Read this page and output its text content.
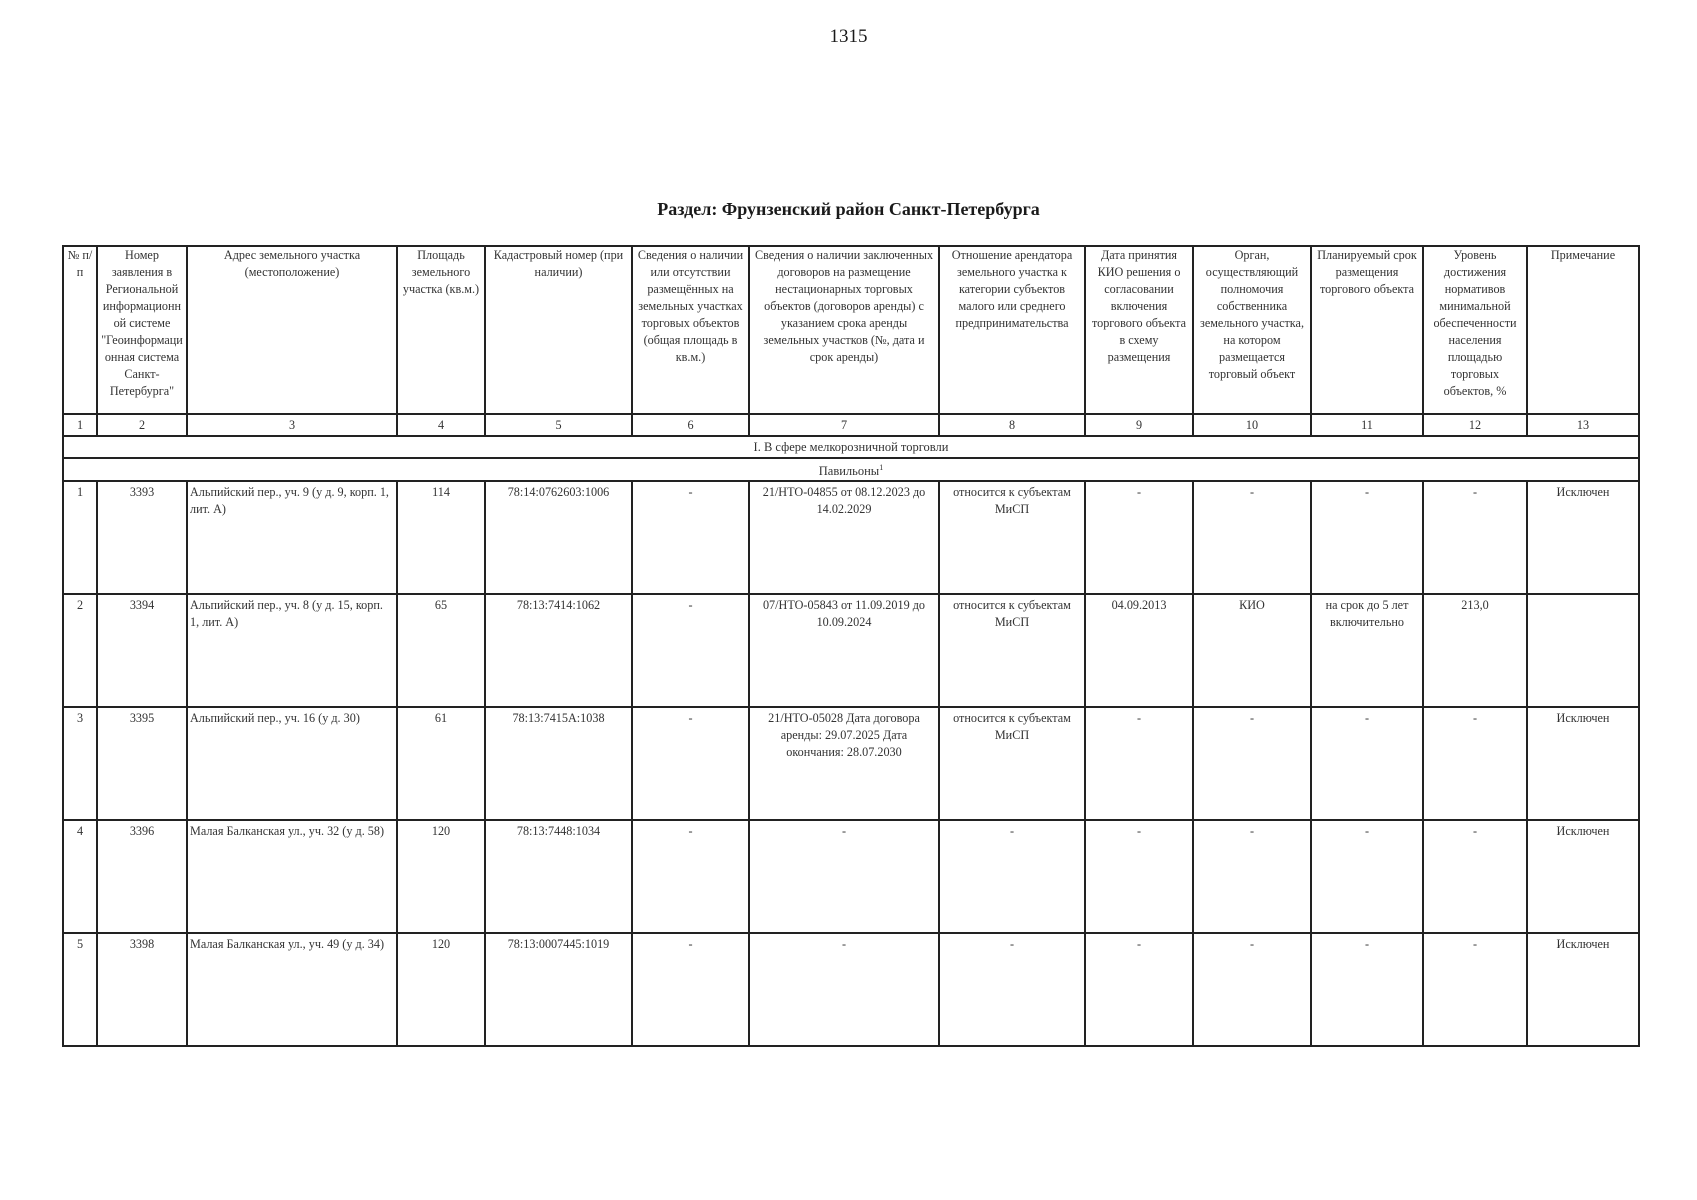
1315
Раздел: Фрунзенский район Санкт-Петербурга
№ п/п	Номер заявления в Региональной информационной системе "Геоинформационная система Санкт-Петербурга"	Адрес земельного участка (местоположение)	Площадь земельного участка (кв.м.)	Кадастровый номер (при наличии)	Сведения о наличии или отсутствии размещённых на земельных участках торговых объектов (общая площадь в кв.м.)	Сведения о наличии заключенных договоров на размещение нестационарных торговых объектов (договоров аренды) с указанием срока аренды земельных участков (№, дата и срок аренды)	Отношение арендатора земельного участка к категории субъектов малого или среднего предпринимательства	Дата принятия КИО решения о согласовании включения торгового объекта в схему размещения	Орган, осуществляющий полномочия собственника земельного участка, на котором размещается торговый объект	Планируемый срок размещения торгового объекта	Уровень достижения нормативов минимальной обеспеченности населения площадью торговых объектов, %	Примечание
1	2	3	4	5	6	7	8	9	10	11	12	13
I. В сфере мелкорозничной торговли												
Павильоны$^1$
1	3393	Альпийский пер., уч. 9 (у д. 9, корп. 1, лит. А)	114	78:14:0762603:1006	-	21/НТО-04855 от 08.12.2023 до 14.02.2029	относится к субъектам МиСП	-	-	-	-	Исключен
2	3394	Альпийский пер., уч. 8 (у д. 15, корп. 1, лит. А)	65	78:13:7414:1062	-	07/НТО-05843 от 11.09.2019 до 10.09.2024	относится к субъектам МиСП	04.09.2013	КИО	на срок до 5 лет включительно	213,0	
3	3395	Альпийский пер., уч. 16 (у д. 30)	61	78:13:7415А:1038	-	21/НТО-05028 Дата договора аренды: 29.07.2025 Дата окончания: 28.07.2030	относится к субъектам МиСП	-	-	-	-	Исключен
4	3396	Малая Балканская ул., уч. 32 (у д. 58)	120	78:13:7448:1034	-	-	-	-	-	-	-	Исключен
5	3398	Малая Балканская ул., уч. 49 (у д. 34)	120	78:13:0007445:1019	-	-	-	-	-	-	-	Исключен
